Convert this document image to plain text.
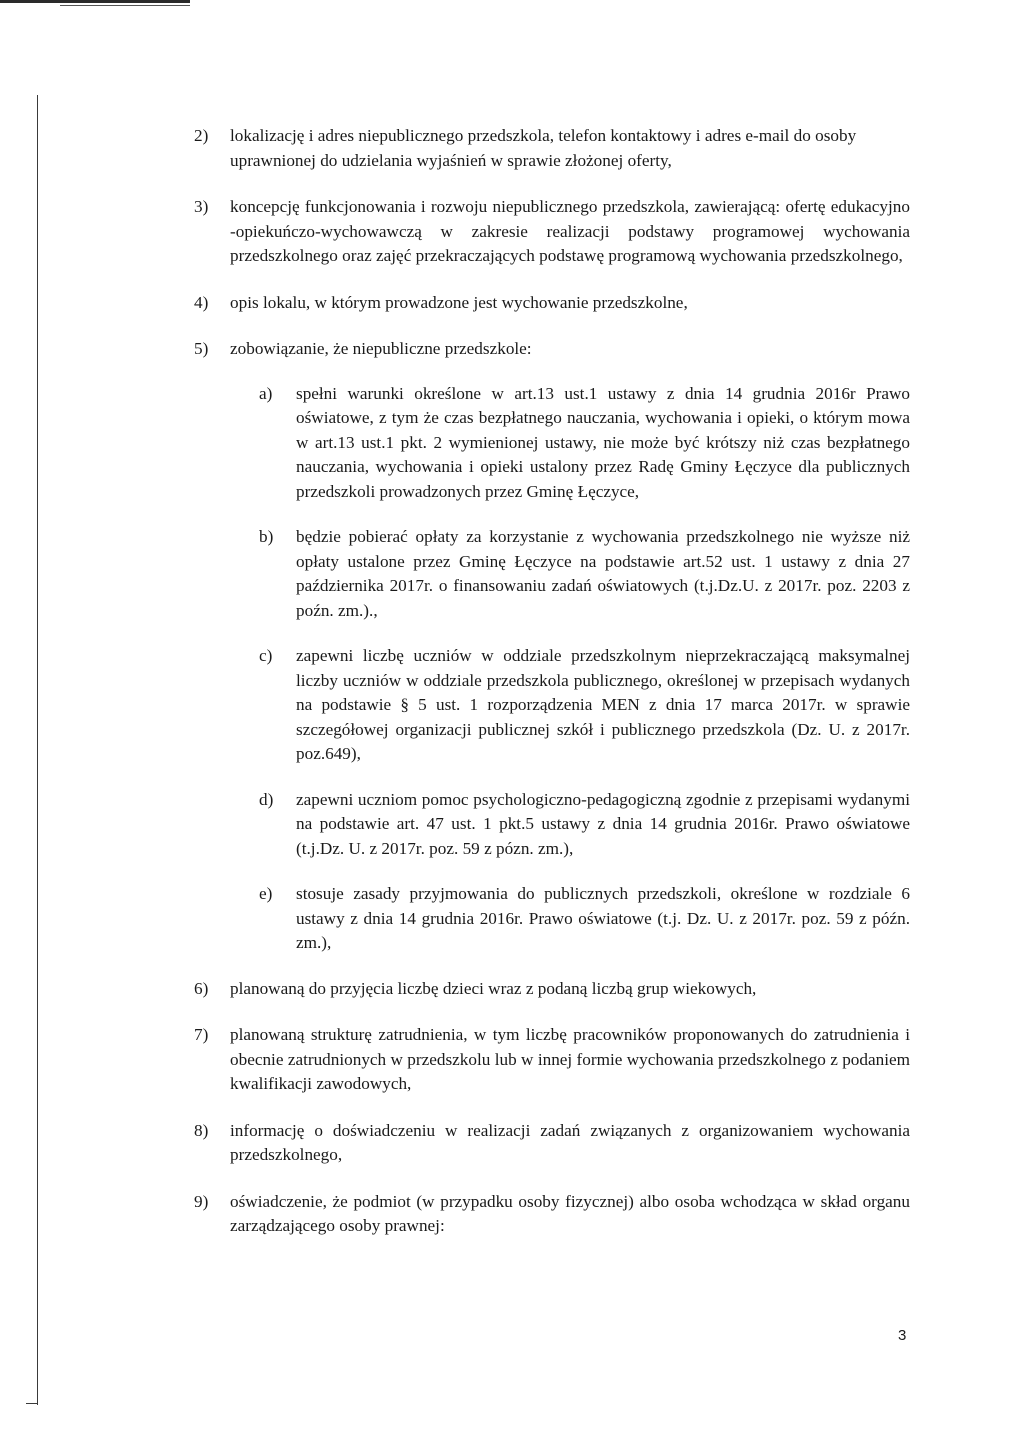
2)	lokalizację i adres niepublicznego przedszkola, telefon kontaktowy i adres e-mail do osoby uprawnionej do udzielania wyjaśnień w sprawie złożonej oferty,
3)	koncepcję funkcjonowania i rozwoju niepublicznego przedszkola, zawierającą: ofertę edukacyjno -opiekuńczo-wychowawczą w zakresie realizacji podstawy programowej wychowania przedszkolnego oraz zajęć przekraczających podstawę programową wychowania przedszkolnego,
4)	opis lokalu, w którym prowadzone jest wychowanie przedszkolne,
5)	zobowiązanie, że niepubliczne przedszkole:
a)	spełni warunki określone w art.13 ust.1 ustawy z dnia 14 grudnia 2016r Prawo oświatowe, z tym że czas bezpłatnego nauczania, wychowania i opieki, o którym mowa w art.13 ust.1 pkt. 2 wymienionej ustawy, nie może być krótszy niż czas bezpłatnego nauczania, wychowania i opieki ustalony przez Radę Gminy Łęczyce dla publicznych przedszkoli prowadzonych przez Gminę Łęczyce,
b)	będzie pobierać opłaty za korzystanie z wychowania przedszkolnego nie wyższe niż opłaty ustalone przez Gminę Łęczyce na podstawie art.52 ust. 1 ustawy z dnia 27 października 2017r. o finansowaniu zadań oświatowych (t.j.Dz.U. z 2017r. poz. 2203 z poźn. zm.).,
c)	zapewni liczbę uczniów w oddziale przedszkolnym nieprzekraczającą maksymalnej liczby uczniów w oddziale przedszkola publicznego, określonej w przepisach wydanych na podstawie § 5 ust. 1 rozporządzenia MEN z dnia 17 marca 2017r. w sprawie szczegółowej organizacji publicznej szkół i publicznego przedszkola (Dz. U. z 2017r. poz.649),
d)	zapewni uczniom pomoc psychologiczno-pedagogiczną zgodnie z przepisami wydanymi na podstawie art. 47 ust. 1 pkt.5 ustawy z dnia 14 grudnia 2016r. Prawo oświatowe (t.j.Dz. U. z 2017r. poz. 59 z pózn. zm.),
e)	stosuje zasady przyjmowania do publicznych przedszkoli, określone w rozdziale 6 ustawy z dnia 14 grudnia 2016r. Prawo oświatowe (t.j. Dz. U. z 2017r. poz. 59 z późn. zm.),
6)	planowaną do przyjęcia liczbę dzieci wraz z podaną liczbą grup wiekowych,
7)	planowaną strukturę zatrudnienia, w tym liczbę pracowników proponowanych do zatrudnienia i obecnie zatrudnionych w przedszkolu lub w innej formie wychowania przedszkolnego z podaniem kwalifikacji zawodowych,
8)	informację o doświadczeniu w realizacji zadań związanych z organizowaniem wychowania przedszkolnego,
9)	oświadczenie, że podmiot (w przypadku osoby fizycznej) albo osoba wchodząca w skład organu zarządzającego osoby prawnej:
3
